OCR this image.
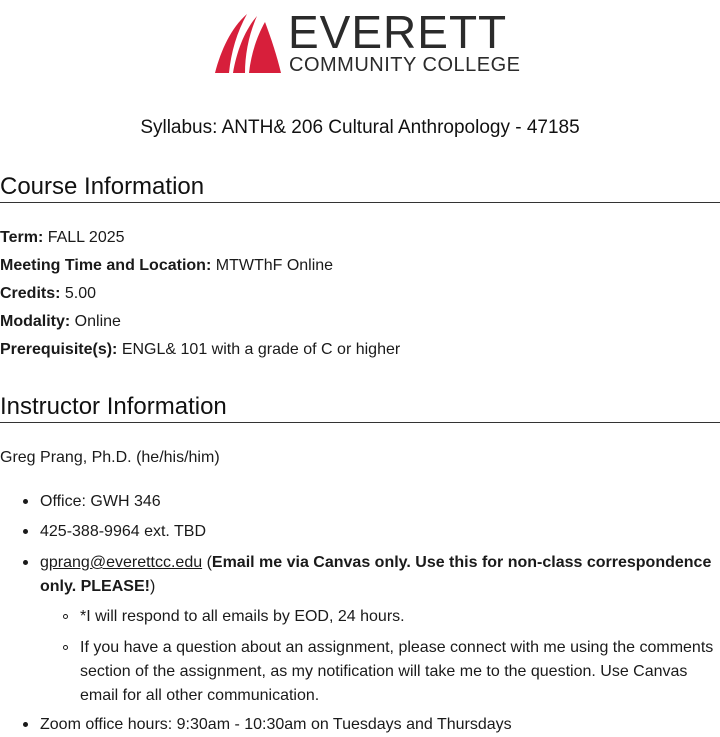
EVERETT
COMMUNITY COLLEGE
Syllabus: ANTH& 206 Cultural Anthropology - 47185
Course Information
Term: FALL 2025
Meeting Time and Location: MTWThF Online
Credits: 5.00
Modality: Online
Prerequisite(s): ENGL& 101 with a grade of C or higher
Instructor Information
Greg Prang, Ph.D. (he/his/him)
Office: GWH 346
425-388-9964 ext. TBD
gprang@everettcc.edu (Email me via Canvas only. Use this for non-class correspondence only. PLEASE!)
*I will respond to all emails by EOD, 24 hours.
If you have a question about an assignment, please connect with me using the comments section of the assignment, as my notification will take me to the question. Use Canvas email for all other communication.
Zoom office hours: 9:30am - 10:30am on Tuesdays and Thursdays
